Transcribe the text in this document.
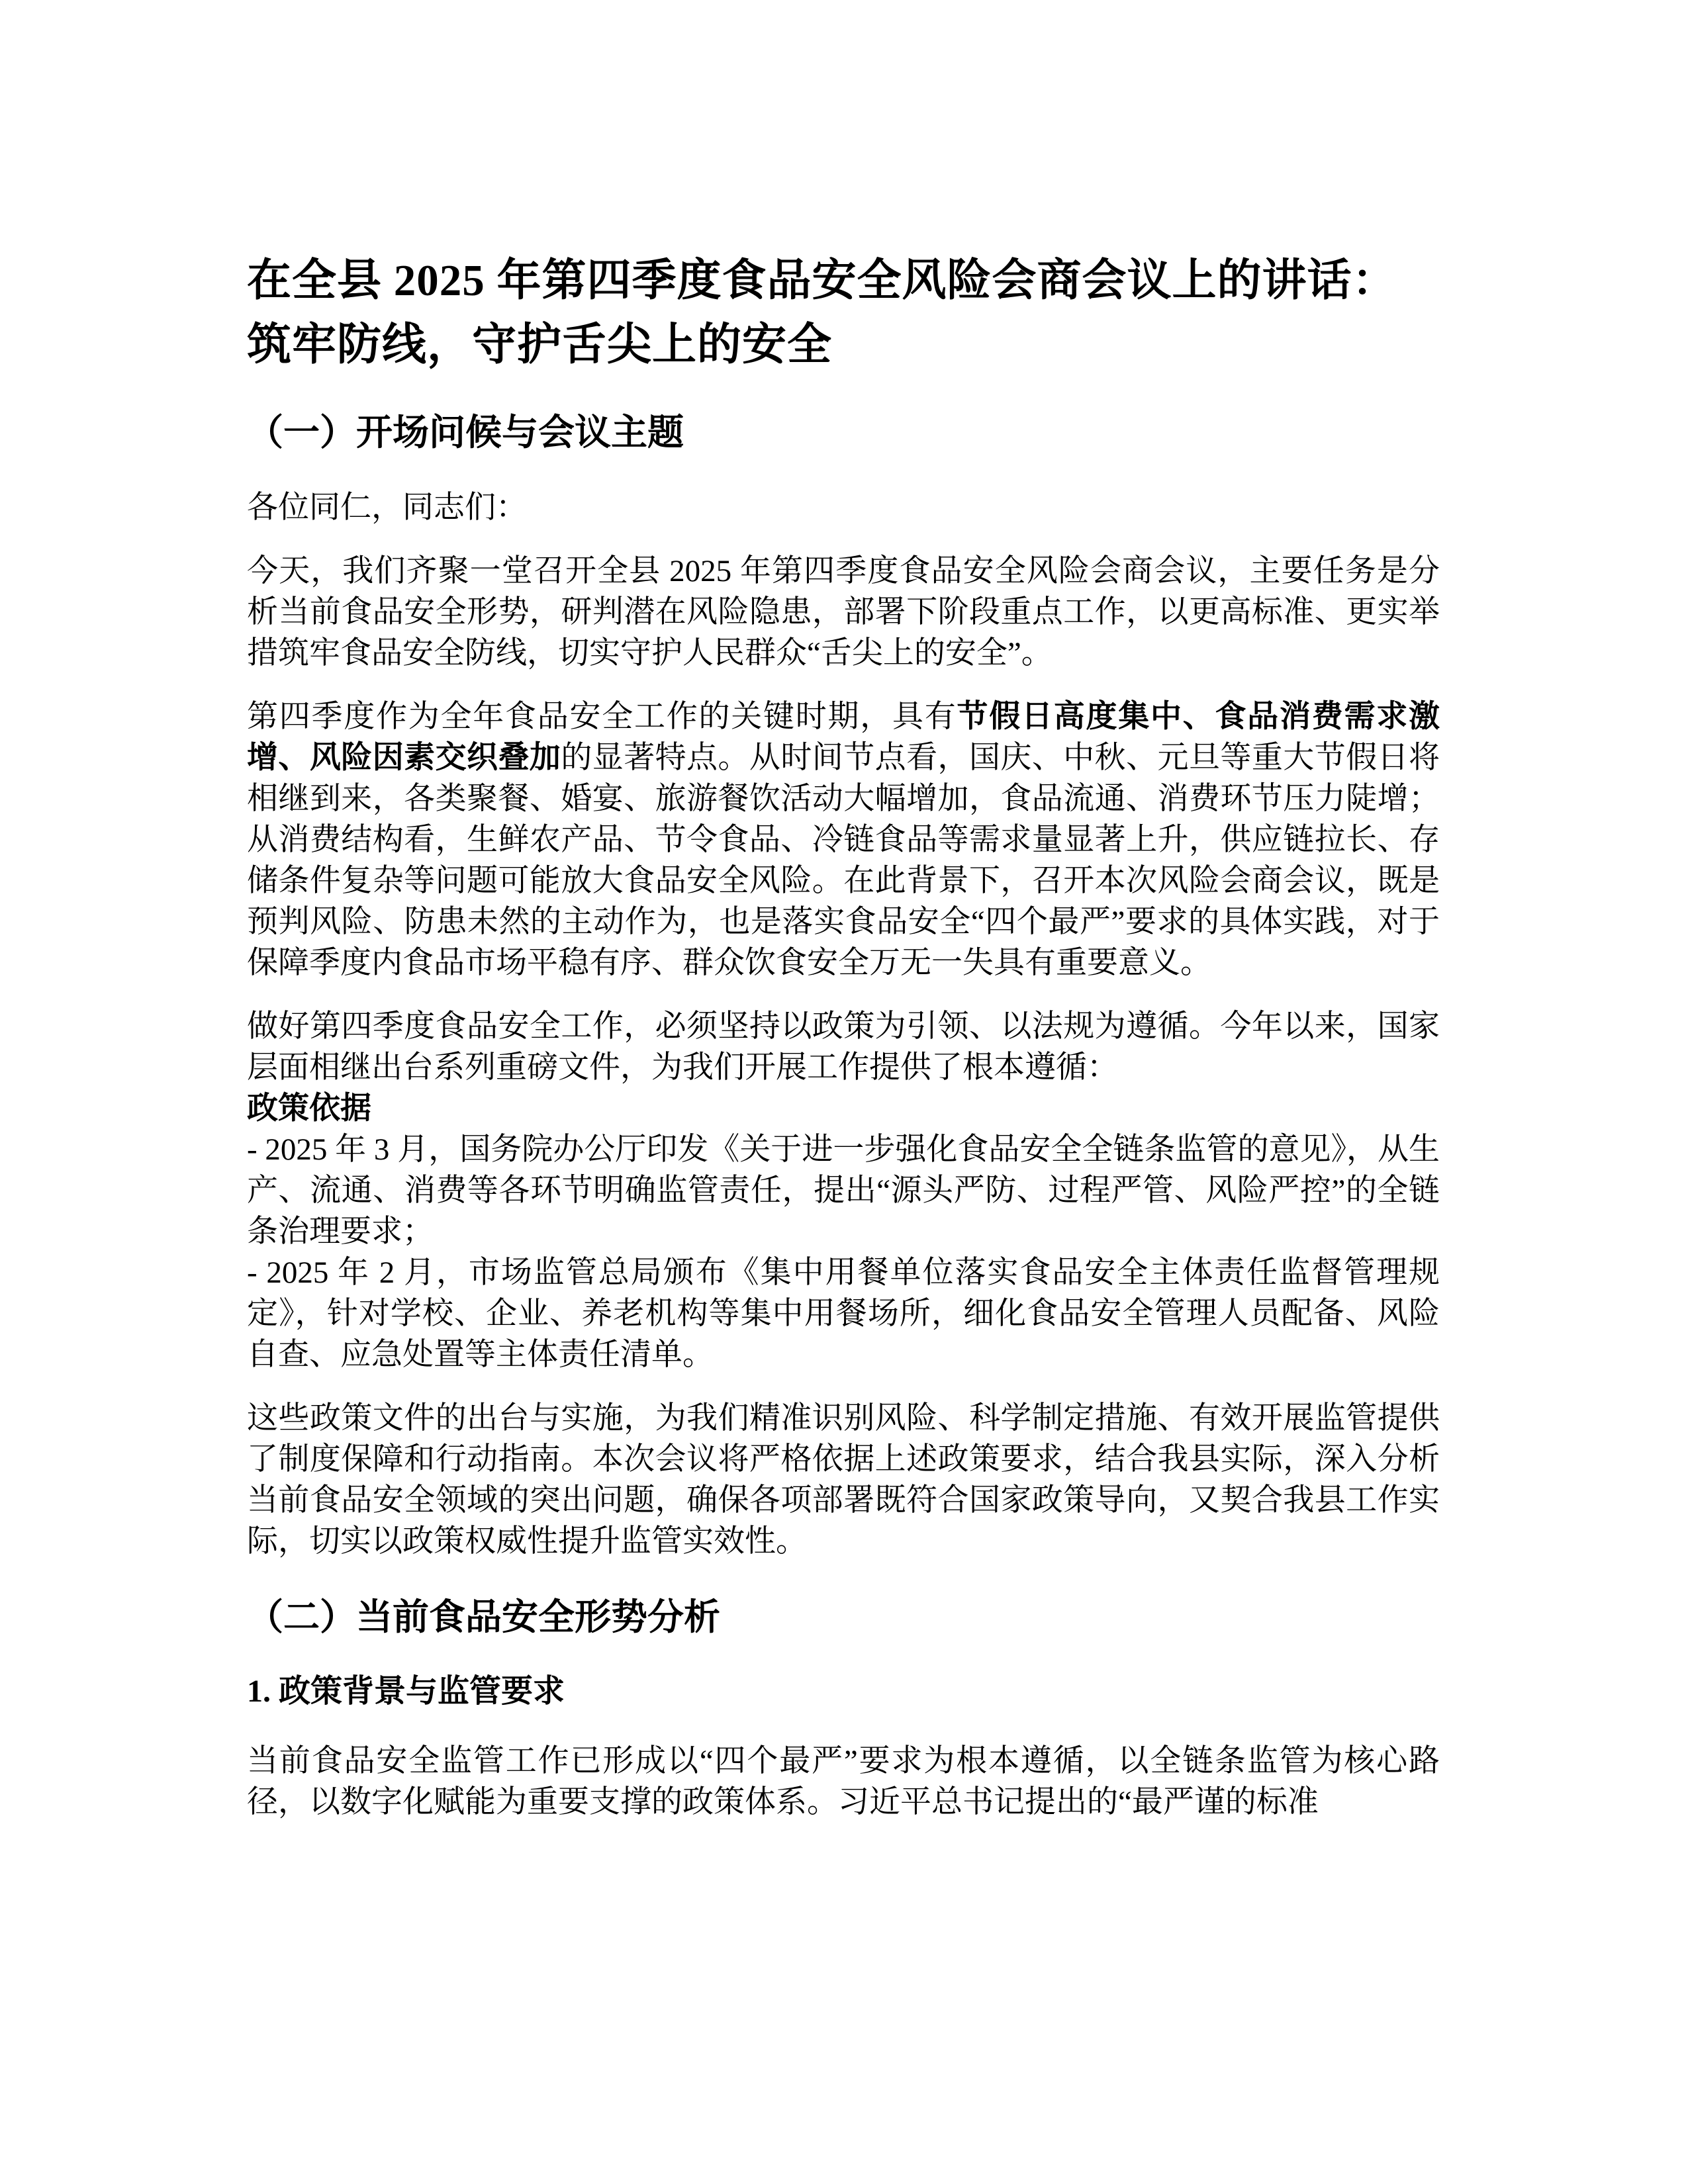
在全县 2025 年第四季度食品安全风险会商会议上的讲话：筑牢防线，守护舌尖上的安全
（一）开场问候与会议主题

各位同仁，同志们：

今天，我们齐聚一堂召开全县 2025 年第四季度食品安全风险会商会议，主要任务是分析当前食品安全形势，研判潜在风险隐患，部署下阶段重点工作，以更高标准、更实举措筑牢食品安全防线，切实守护人民群众“舌尖上的安全”。

第四季度作为全年食品安全工作的关键时期，具有节假日高度集中、食品消费需求激增、风险因素交织叠加的显著特点。从时间节点看，国庆、中秋、元旦等重大节假日将相继到来，各类聚餐、婚宴、旅游餐饮活动大幅增加，食品流通、消费环节压力陡增；从消费结构看，生鲜农产品、节令食品、冷链食品等需求量显著上升，供应链拉长、存储条件复杂等问题可能放大食品安全风险。在此背景下，召开本次风险会商会议，既是预判风险、防患未然的主动作为，也是落实食品安全“四个最严”要求的具体实践，对于保障季度内食品市场平稳有序、群众饮食安全万无一失具有重要意义。

做好第四季度食品安全工作，必须坚持以政策为引领、以法规为遵循。今年以来，国家层面相继出台系列重磅文件，为我们开展工作提供了根本遵循：
政策依据
- 2025 年 3 月，国务院办公厅印发《关于进一步强化食品安全全链条监管的意见》，从生产、流通、消费等各环节明确监管责任，提出“源头严防、过程严管、风险严控”的全链条治理要求；
- 2025 年 2 月，市场监管总局颁布《集中用餐单位落实食品安全主体责任监督管理规定》，针对学校、企业、养老机构等集中用餐场所，细化食品安全管理人员配备、风险自查、应急处置等主体责任清单。

这些政策文件的出台与实施，为我们精准识别风险、科学制定措施、有效开展监管提供了制度保障和行动指南。本次会议将严格依据上述政策要求，结合我县实际，深入分析当前食品安全领域的突出问题，确保各项部署既符合国家政策导向，又契合我县工作实际，切实以政策权威性提升监管实效性。

（二）当前食品安全形势分析
1. 政策背景与监管要求

当前食品安全监管工作已形成以“四个最严”要求为根本遵循，以全链条监管为核心路径，以数字化赋能为重要支撑的政策体系。习近平总书记提出的“最严谨的标准
